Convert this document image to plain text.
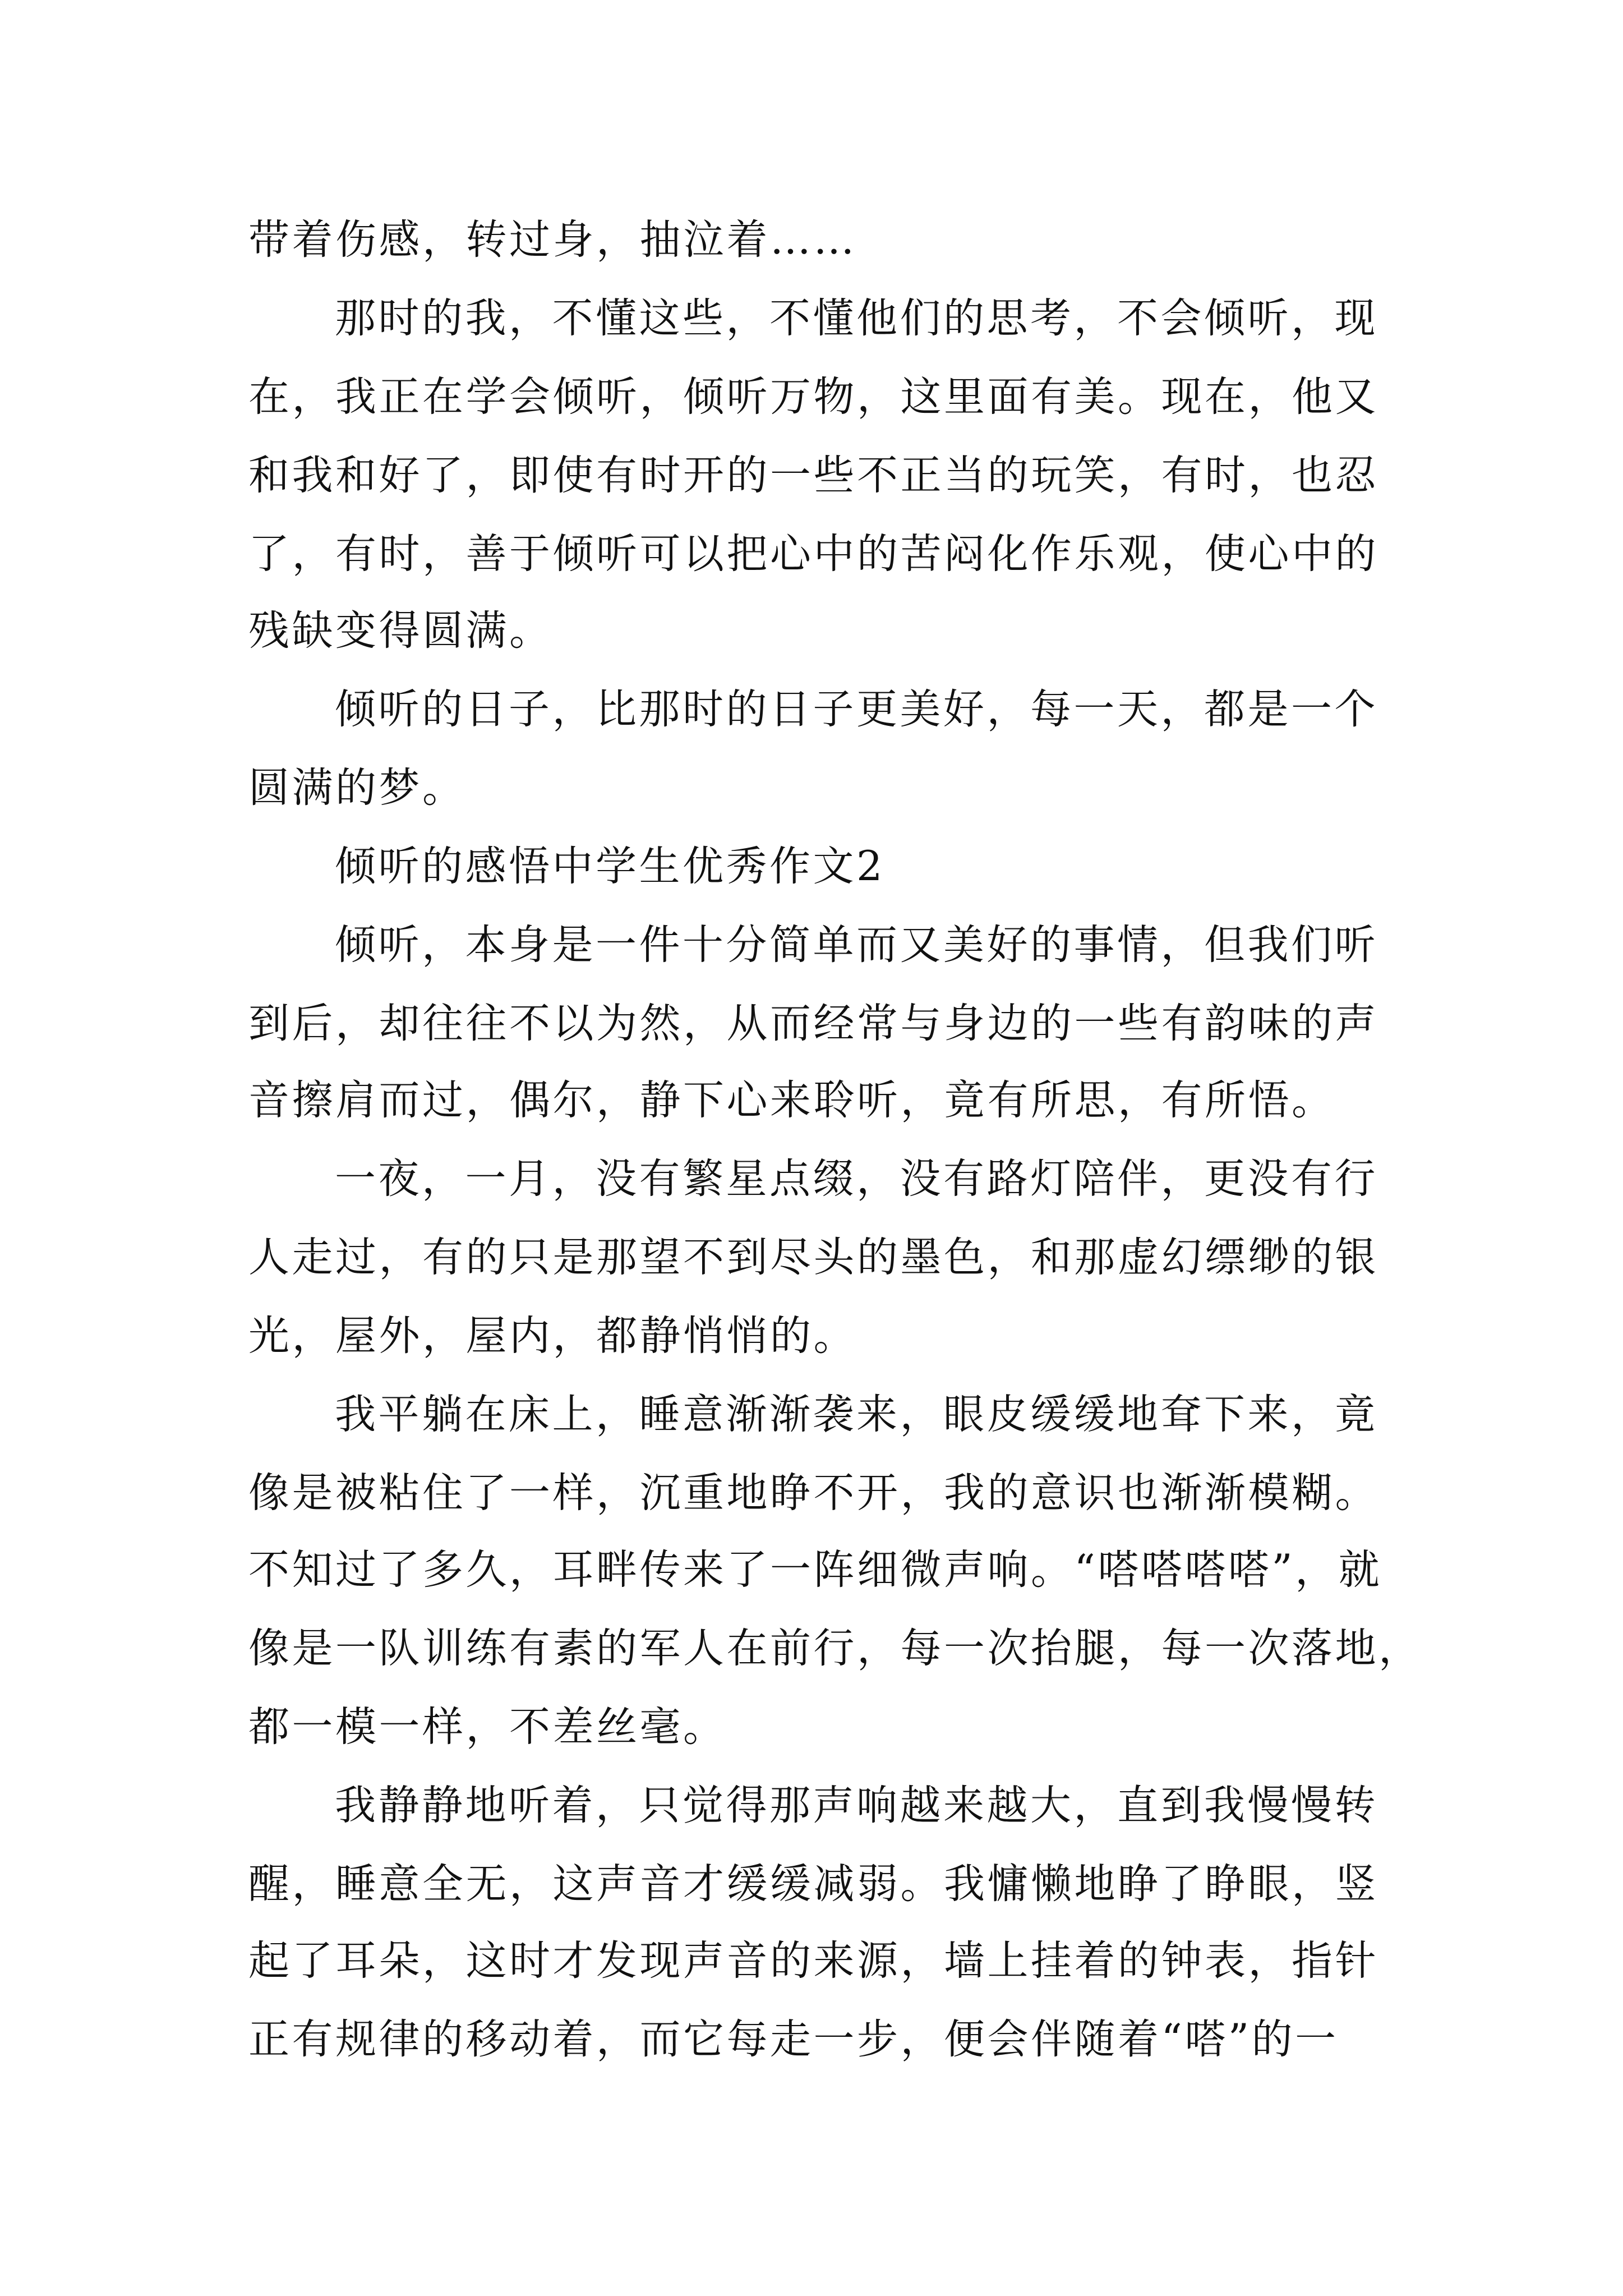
带着伤感，转过身，抽泣着……

那时的我，不懂这些，不懂他们的思考，不会倾听，现

在，我正在学会倾听，倾听万物，这里面有美。现在，他又

和我和好了，即使有时开的一些不正当的玩笑，有时，也忍

了，有时，善于倾听可以把心中的苦闷化作乐观，使心中的

残缺变得圆满。

倾听的日子，比那时的日子更美好，每一天，都是一个

圆满的梦。

倾听的感悟中学生优秀作文2

倾听，本身是一件十分简单而又美好的事情，但我们听

到后，却往往不以为然，从而经常与身边的一些有韵味的声

音擦肩而过，偶尔，静下心来聆听，竟有所思，有所悟。

一夜，一月，没有繁星点缀，没有路灯陪伴，更没有行

人走过，有的只是那望不到尽头的墨色，和那虚幻缥缈的银

光，屋外，屋内，都静悄悄的。

我平躺在床上，睡意渐渐袭来，眼皮缓缓地耷下来，竟

像是被粘住了一样，沉重地睁不开，我的意识也渐渐模糊。

不知过了多久，耳畔传来了一阵细微声响。“嗒嗒嗒嗒”，就

像是一队训练有素的军人在前行，每一次抬腿，每一次落地，

都一模一样，不差丝毫。

我静静地听着，只觉得那声响越来越大，直到我慢慢转

醒，睡意全无，这声音才缓缓减弱。我慵懒地睁了睁眼，竖

起了耳朵，这时才发现声音的来源，墙上挂着的钟表，指针

正有规律的移动着，而它每走一步，便会伴随着“嗒”的一
